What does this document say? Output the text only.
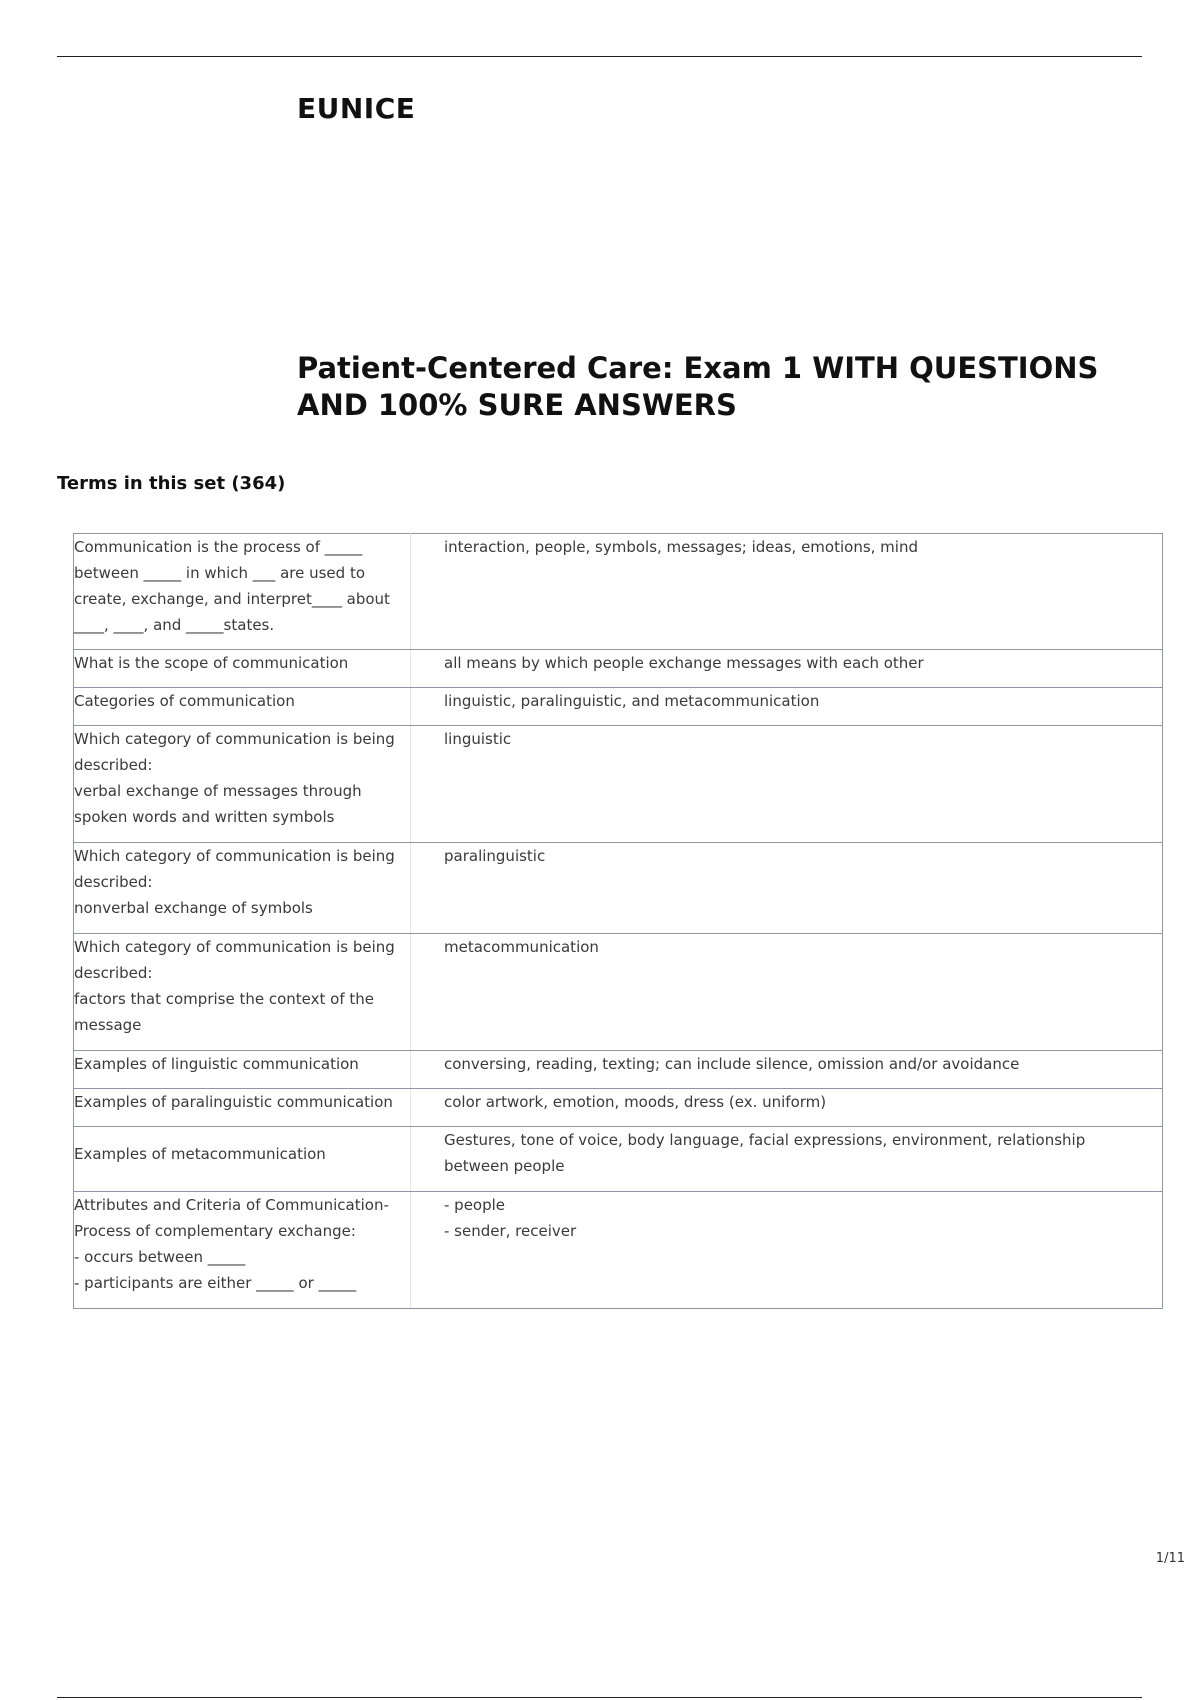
EUNICE
Patient-Centered Care: Exam 1 WITH QUESTIONS AND 100% SURE ANSWERS
Terms in this set (364)
Communication is the process of _____
between _____ in which ___ are used to
create, exchange, and interpret____ about
____, ____, and _____states.	interaction, people, symbols, messages; ideas, emotions, mind
What is the scope of communication	all means by which people exchange messages with each other
Categories of communication	linguistic, paralinguistic, and metacommunication
Which category of communication is being
described:
verbal exchange of messages through
spoken words and written symbols	linguistic
Which category of communication is being
described:
nonverbal exchange of symbols	paralinguistic
Which category of communication is being
described:
factors that comprise the context of the
message	metacommunication
Examples of linguistic communication	conversing, reading, texting; can include silence, omission and/or avoidance
Examples of paralinguistic communication	color artwork, emotion, moods, dress (ex. uniform)
Examples of metacommunication	Gestures, tone of voice, body language, facial expressions, environment, relationship
between people
Attributes and Criteria of Communication-
Process of complementary exchange:
- occurs between _____
- participants are either _____ or _____	- people
- sender, receiver
1/11
